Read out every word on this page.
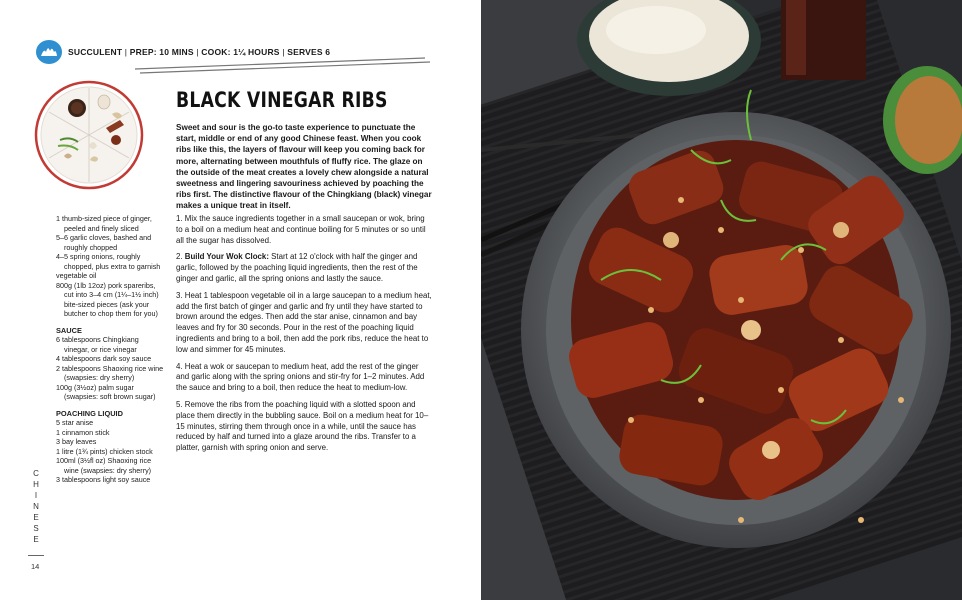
SUCCULENT | PREP: 10 MINS | COOK: 1¼ HOURS | SERVES 6
BLACK VINEGAR RIBS
Sweet and sour is the go-to taste experience to punctuate the start, middle or end of any good Chinese feast. When you cook ribs like this, the layers of flavour will keep you coming back for more, alternating between mouthfuls of fluffy rice. The glaze on the outside of the meat creates a lovely chew alongside a natural sweetness and lingering savouriness achieved by poaching the ribs first. The distinctive flavour of the Chingkiang (black) vinegar makes a unique treat in itself.

1 thumb-sized piece of ginger, peeled and finely sliced

5–6 garlic cloves, bashed and roughly chopped

4–5 spring onions, roughly chopped, plus extra to garnish

vegetable oil

800g (1lb 12oz) pork spareribs, cut into 3–4 cm (1¼–1½ inch) bite-sized pieces (ask your butcher to chop them for you)

SAUCE

6 tablespoons Chingkiang vinegar, or rice vinegar

4 tablespoons dark soy sauce

2 tablespoons Shaoxing rice wine (swapsies: dry sherry)

100g (3½oz) palm sugar (swapsies: soft brown sugar)

POACHING LIQUID

5 star anise

1 cinnamon stick

3 bay leaves

1 litre (1¾ pints) chicken stock

100ml (3½fl oz) Shaoxing rice wine (swapsies: dry sherry)

3 tablespoons light soy sauce

1. Mix the sauce ingredients together in a small saucepan or wok, bring to a boil on a medium heat and continue boiling for 5 minutes or so until all the sugar has dissolved.

2. Build Your Wok Clock: Start at 12 o'clock with half the ginger and garlic, followed by the poaching liquid ingredients, then the rest of the ginger and garlic, all the spring onions and lastly the sauce.

3. Heat 1 tablespoon vegetable oil in a large saucepan to a medium heat, add the first batch of ginger and garlic and fry until they have started to brown around the edges. Then add the star anise, cinnamon and bay leaves and fry for 30 seconds. Pour in the rest of the poaching liquid ingredients and bring to a boil, then add the pork ribs, reduce the heat to low and simmer for 45 minutes.

4. Heat a wok or saucepan to medium heat, add the rest of the ginger and garlic along with the spring onions and stir-fry for 1–2 minutes. Add the sauce and bring to a boil, then reduce the heat to medium-low.

5. Remove the ribs from the poaching liquid with a slotted spoon and place them directly in the bubbling sauce. Boil on a medium heat for 10–15 minutes, stirring them through once in a while, until the sauce has reduced by half and turned into a glaze around the ribs. Transfer to a platter, garnish with spring onion and serve.

C
H
I
N
E
S
E
14
